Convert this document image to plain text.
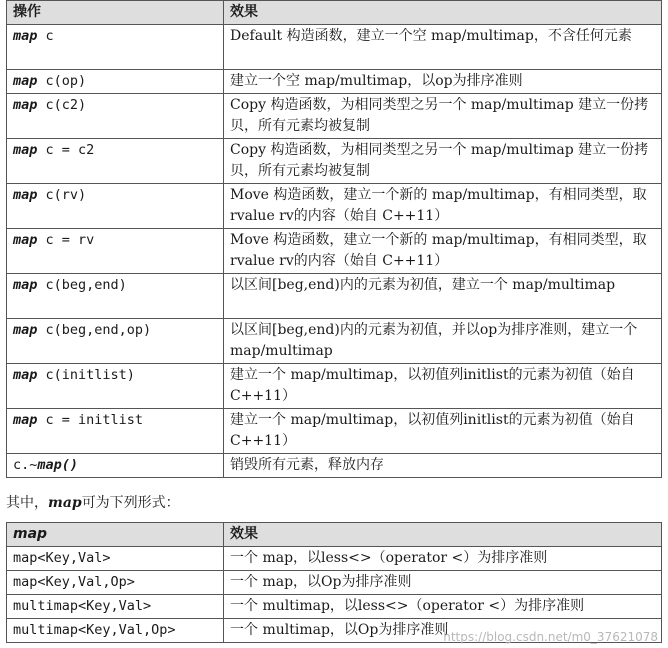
操作	效果
map c	Default 构造函数，建立一个空 map/multimap，不含任何元素
map c(op)	建立一个空 map/multimap，以op为排序准则
map c(c2)	Copy 构造函数，为相同类型之另一个 map/multimap 建立一份拷贝，所有元素均被复制
map c = c2	Copy 构造函数，为相同类型之另一个 map/multimap 建立一份拷贝，所有元素均被复制
map c(rv)	Move 构造函数，建立一个新的 map/multimap，有相同类型，取 rvalue rv的内容（始自 C++11）
map c = rv	Move 构造函数，建立一个新的 map/multimap，有相同类型，取 rvalue rv的内容（始自 C++11）
map c(beg,end)	以区间[beg,end)内的元素为初值，建立一个 map/multimap
map c(beg,end,op)	以区间[beg,end)内的元素为初值，并以op为排序准则，建立一个 map/multimap
map c(initlist)	建立一个 map/multimap，以初值列initlist的元素为初值（始自 C++11）
map c = initlist	建立一个 map/multimap，以初值列initlist的元素为初值（始自 C++11）
c.~map()	销毁所有元素，释放内存

其中，map可为下列形式：

map	效果
map<Key,Val>	一个 map，以less<>（operator <）为排序准则
map<Key,Val,Op>	一个 map，以Op为排序准则
multimap<Key,Val>	一个 multimap，以less<>（operator <）为排序准则
multimap<Key,Val,Op>	一个 multimap，以Op为排序准则
https://blog.csdn.net/m0_37621078
